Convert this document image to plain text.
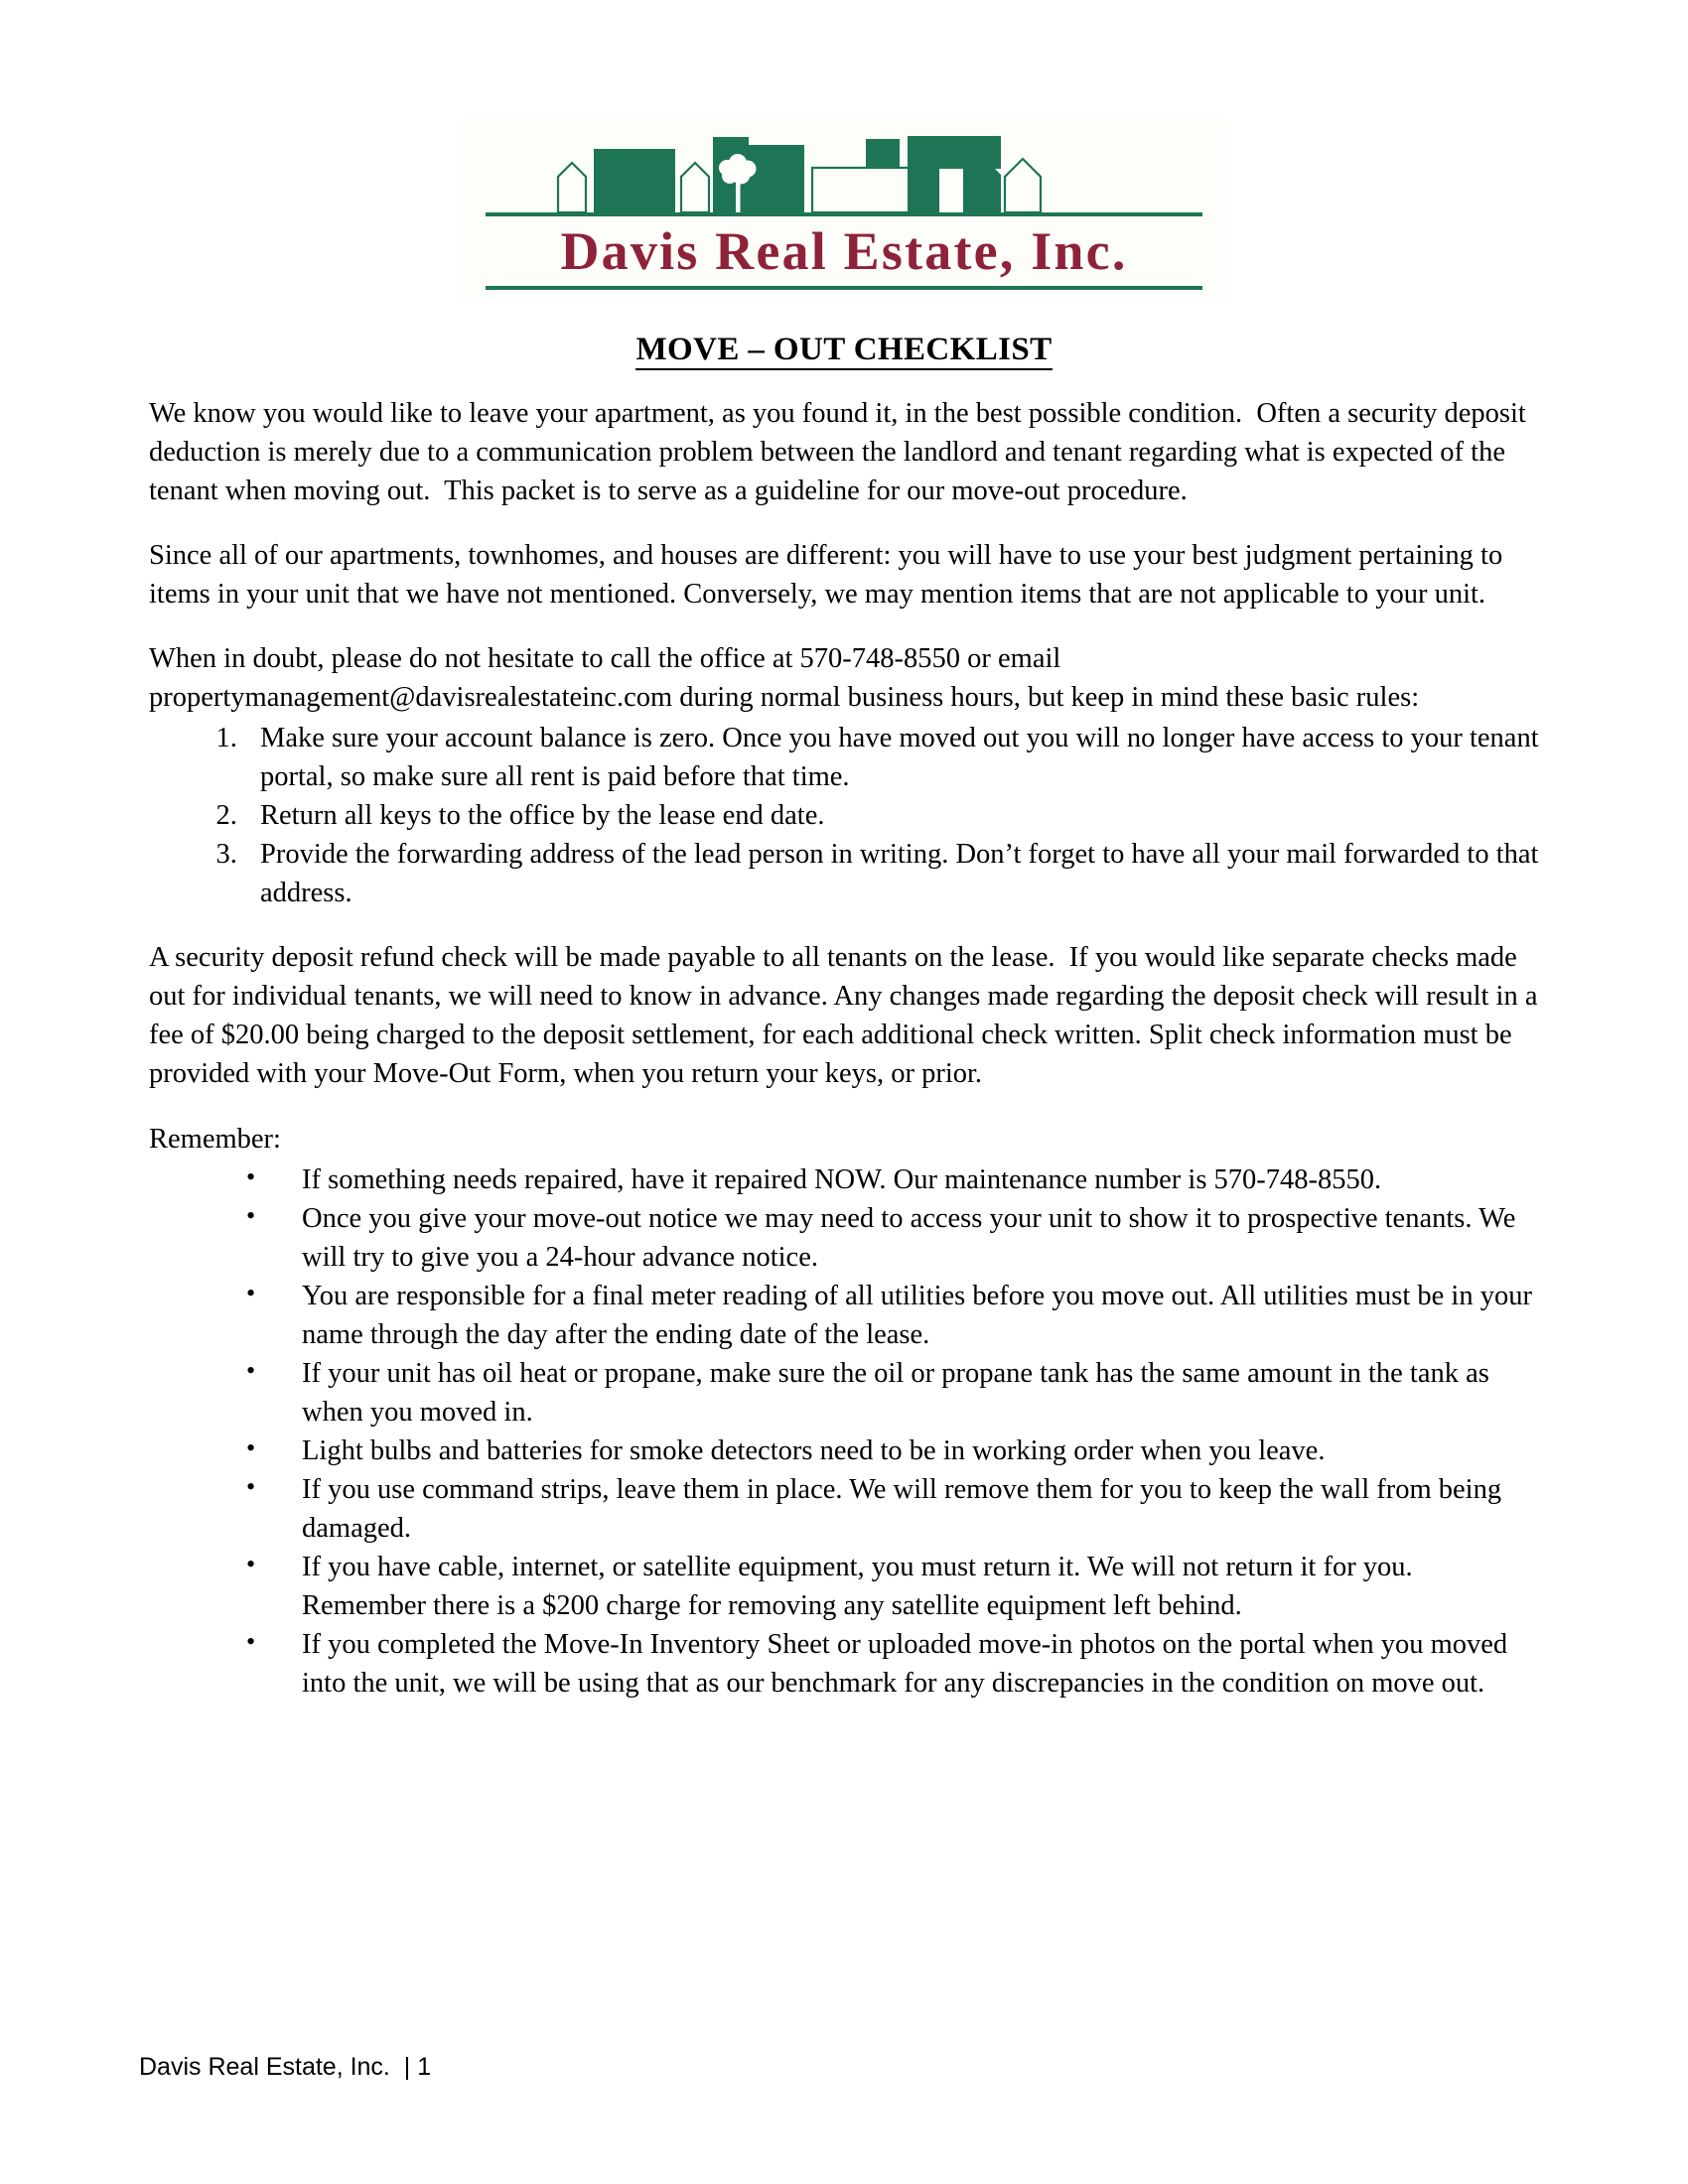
Davis Real Estate, Inc.
MOVE – OUT CHECKLIST

We know you would like to leave your apartment, as you found it, in the best possible condition.  Often a security deposit deduction is merely due to a communication problem between the landlord and tenant regarding what is expected of the tenant when moving out.  This packet is to serve as a guideline for our move-out procedure.

Since all of our apartments, townhomes, and houses are different: you will have to use your best judgment pertaining to items in your unit that we have not mentioned. Conversely, we may mention items that are not applicable to your unit.

When in doubt, please do not hesitate to call the office at 570-748-8550 or email propertymanagement@davisrealestateinc.com during normal business hours, but keep in mind these basic rules:

1. Make sure your account balance is zero. Once you have moved out you will no longer have access to your tenant portal, so make sure all rent is paid before that time.
2. Return all keys to the office by the lease end date.
3. Provide the forwarding address of the lead person in writing. Don’t forget to have all your mail forwarded to that address.

A security deposit refund check will be made payable to all tenants on the lease.  If you would like separate checks made out for individual tenants, we will need to know in advance. Any changes made regarding the deposit check will result in a fee of $20.00 being charged to the deposit settlement, for each additional check written. Split check information must be provided with your Move-Out Form, when you return your keys, or prior.

Remember:

• If something needs repaired, have it repaired NOW. Our maintenance number is 570-748-8550.
• Once you give your move-out notice we may need to access your unit to show it to prospective tenants. We will try to give you a 24-hour advance notice.
• You are responsible for a final meter reading of all utilities before you move out. All utilities must be in your name through the day after the ending date of the lease.
• If your unit has oil heat or propane, make sure the oil or propane tank has the same amount in the tank as when you moved in.
• Light bulbs and batteries for smoke detectors need to be in working order when you leave.
• If you use command strips, leave them in place. We will remove them for you to keep the wall from being damaged.
• If you have cable, internet, or satellite equipment, you must return it. We will not return it for you. Remember there is a $200 charge for removing any satellite equipment left behind.
• If you completed the Move-In Inventory Sheet or uploaded move-in photos on the portal when you moved into the unit, we will be using that as our benchmark for any discrepancies in the condition on move out.
Davis Real Estate, Inc.  | 1
